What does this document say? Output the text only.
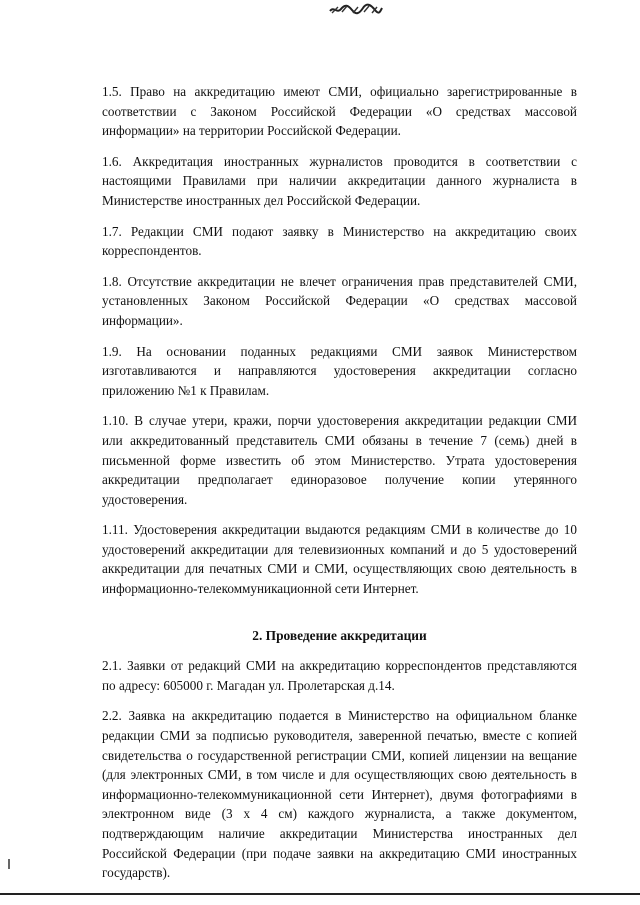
1.5. Право на аккредитацию имеют СМИ, официально зарегистрированные в соответствии с Законом Российской Федерации «О средствах массовой информации» на территории Российской Федерации.

1.6. Аккредитация иностранных журналистов проводится в соответствии с настоящими Правилами при наличии аккредитации данного журналиста в Министерстве иностранных дел Российской Федерации.

1.7. Редакции СМИ подают заявку в Министерство на аккредитацию своих корреспондентов.

1.8. Отсутствие аккредитации не влечет ограничения прав представителей СМИ, установленных Законом Российской Федерации «О средствах массовой информации».

1.9. На основании поданных редакциями СМИ заявок Министерством изготавливаются и направляются удостоверения аккредитации согласно приложению №1 к Правилам.

1.10. В случае утери, кражи, порчи удостоверения аккредитации редакции СМИ или аккредитованный представитель СМИ обязаны в течение 7 (семь) дней в письменной форме известить об этом Министерство. Утрата удостоверения аккредитации предполагает единоразовое получение копии утерянного удостоверения.

1.11. Удостоверения аккредитации выдаются редакциям СМИ в количестве до 10 удостоверений аккредитации для телевизионных компаний и до 5 удостоверений аккредитации для печатных СМИ и СМИ, осуществляющих свою деятельность в информационно-телекоммуникационной сети Интернет.

2. Проведение аккредитации

2.1. Заявки от редакций СМИ на аккредитацию корреспондентов представляются по адресу: 605000 г. Магадан ул. Пролетарская д.14.

2.2. Заявка на аккредитацию подается в Министерство на официальном бланке редакции СМИ за подписью руководителя, заверенной печатью, вместе с копией свидетельства о государственной регистрации СМИ, копией лицензии на вещание (для электронных СМИ, в том числе и для осуществляющих свою деятельность в информационно-телекоммуникационной сети Интернет), двумя фотографиями в электронном виде (3 х 4 см) каждого журналиста, а также документом, подтверждающим наличие аккредитации Министерства иностранных дел Российской Федерации (при подаче заявки на аккредитацию СМИ иностранных государств).
